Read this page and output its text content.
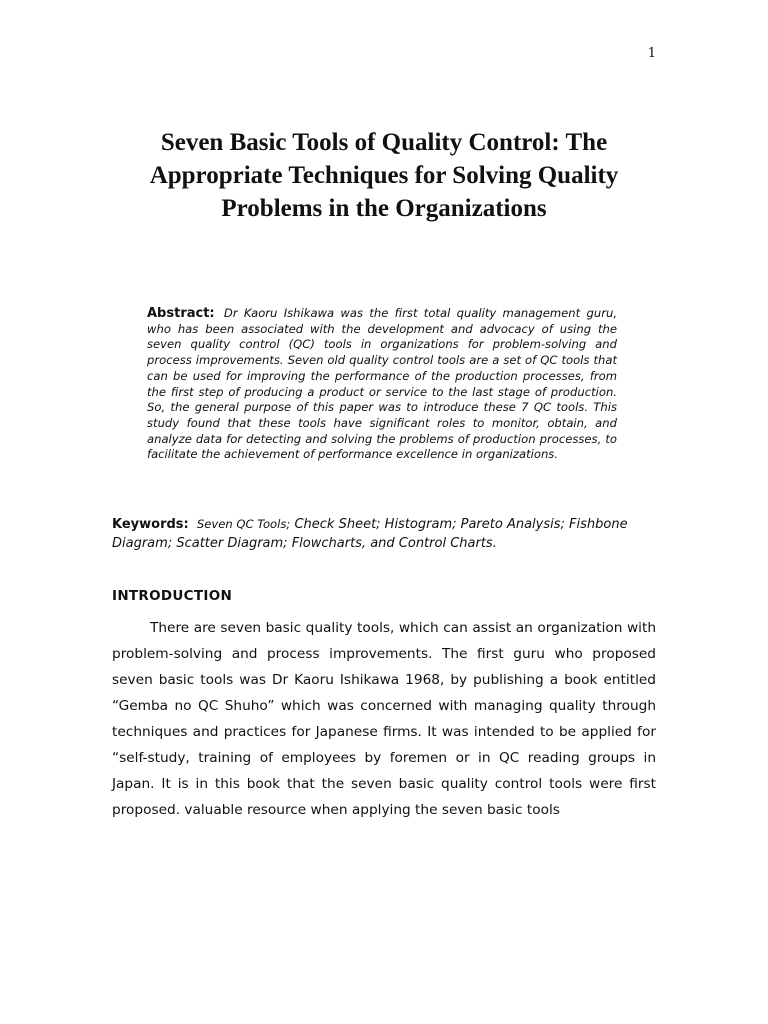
1
Seven Basic Tools of Quality Control: The Appropriate Techniques for Solving Quality Problems in the Organizations

Abstract: Dr Kaoru Ishikawa was the first total quality management guru, who has been associated with the development and advocacy of using the seven quality control (QC) tools in organizations for problem-solving and process improvements. Seven old quality control tools are a set of QC tools that can be used for improving the performance of the production processes, from the first step of producing a product or service to the last stage of production. So, the general purpose of this paper was to introduce these 7 QC tools. This study found that these tools have significant roles to monitor, obtain, and analyze data for detecting and solving the problems of production processes, to facilitate the achievement of performance excellence in organizations.

Keywords: Seven QC Tools; Check Sheet; Histogram; Pareto Analysis; Fishbone Diagram; Scatter Diagram; Flowcharts, and Control Charts.

INTRODUCTION

There are seven basic quality tools, which can assist an organization with problem-solving and process improvements. The first guru who proposed seven basic tools was Dr Kaoru Ishikawa 1968, by publishing a book entitled “Gemba no QC Shuho” which was concerned with managing quality through techniques and practices for Japanese firms. It was intended to be applied for “self-study, training of employees by foremen or in QC reading groups in Japan. It is in this book that the seven basic quality control tools were first proposed. valuable resource when applying the seven basic tools
